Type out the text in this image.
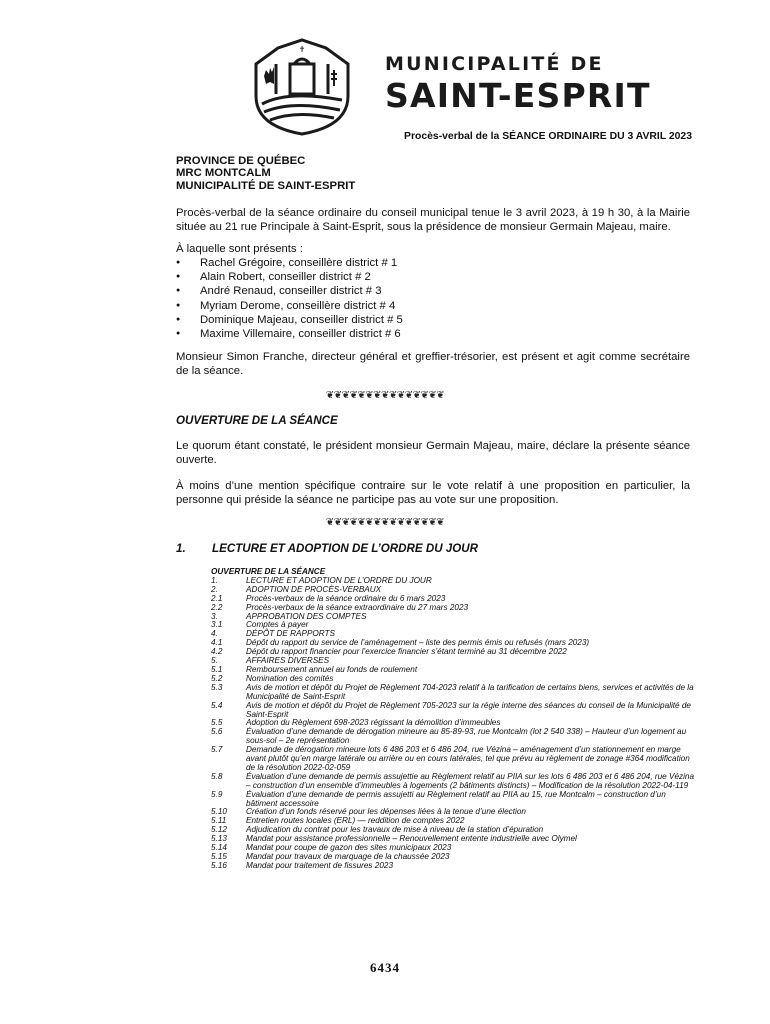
✝
MUNICIPALITÉ DE
SAINT-ESPRIT
Procès-verbal de la SÉANCE ORDINAIRE DU 3 AVRIL 2023
PROVINCE DE QUÉBEC
MRC MONTCALM
MUNICIPALITÉ DE SAINT-ESPRIT
Procès-verbal de la séance ordinaire du conseil municipal tenue le 3 avril 2023, à 19 h 30, à la Mairie située au 21 rue Principale à Saint-Esprit, sous la présidence de monsieur Germain Majeau, maire.
À laquelle sont présents :
● Rachel Grégoire, conseillère district # 1
● Alain Robert, conseiller district # 2
● André Renaud, conseiller district # 3
● Myriam Derome, conseillère district # 4
● Dominique Majeau, conseiller district # 5
● Maxime Villemaire, conseiller district # 6
Monsieur Simon Franche, directeur général et greffier-trésorier, est présent et agit comme secrétaire de la séance.
❦❦❦❦❦❦❦❦❦❦❦❦❦❦❦
OUVERTURE DE LA SÉANCE
Le quorum étant constaté, le président monsieur Germain Majeau, maire, déclare la présente séance ouverte.
À moins d’une mention spécifique contraire sur le vote relatif à une proposition en particulier, la personne qui préside la séance ne participe pas au vote sur une proposition.
❦❦❦❦❦❦❦❦❦❦❦❦❦❦❦
1. LECTURE ET ADOPTION DE L’ORDRE DU JOUR
OUVERTURE DE LA SÉANCE
1.	LECTURE ET ADOPTION DE L’ORDRE DU JOUR
2.	ADOPTION DE PROCÈS-VERBAUX
2.1	Procès-verbaux de la séance ordinaire du 6 mars 2023
2.2	Procès-verbaux de la séance extraordinaire du 27 mars 2023
3.	APPROBATION DES COMPTES
3.1	Comptes à payer
4.	DÉPÔT DE RAPPORTS
4.1	Dépôt du rapport du service de l’aménagement – liste des permis émis ou refusés (mars 2023)
4.2	Dépôt du rapport financier pour l’exercice financier s’étant terminé au 31 décembre 2022
5.	AFFAIRES DIVERSES
5.1	Remboursement annuel au fonds de roulement
5.2	Nomination des comités
5.3	Avis de motion et dépôt du Projet de Règlement 704-2023 relatif à la tarification de certains biens, services et activités de la Municipalité de Saint-Esprit
5.4	Avis de motion et dépôt du Projet de Règlement 705-2023 sur la régie interne des séances du conseil de la Municipalité de Saint-Esprit
5.5	Adoption du Règlement 698-2023 régissant la démolition d’immeubles
5.6	Évaluation d’une demande de dérogation mineure au 85-89-93, rue Montcalm (lot 2 540 338) – Hauteur d’un logement au sous-sol – 2e représentation
5.7	Demande de dérogation mineure lots 6 486 203 et 6 486 204, rue Vézina – aménagement d’un stationnement en marge avant plutôt qu’en marge latérale ou arrière ou en cours latérales, tel que prévu au règlement de zonage #364 modification de la résolution 2022-02-059
5.8	Évaluation d’une demande de permis assujettie au Règlement relatif au PIIA sur les lots 6 486 203 et 6 486 204, rue Vézina – construction d’un ensemble d’immeubles à logements (2 bâtiments distincts) – Modification de la résolution 2022-04-119
5.9	Évaluation d’une demande de permis assujetti au Règlement relatif au PIIA au 15, rue Montcalm – construction d’un bâtiment accessoire
5.10	Création d’un fonds réservé pour les dépenses liées à la tenue d’une élection
5.11	Entretien routes locales (ERL) — reddition de comptes 2022
5.12	Adjudication du contrat pour les travaux de mise à niveau de la station d’épuration
5.13	Mandat pour assistance professionnelle – Renouvellement entente industrielle avec Olymel
5.14	Mandat pour coupe de gazon des sites municipaux 2023
5.15	Mandat pour travaux de marquage de la chaussée 2023
5.16	Mandat pour traitement de fissures 2023
6434
